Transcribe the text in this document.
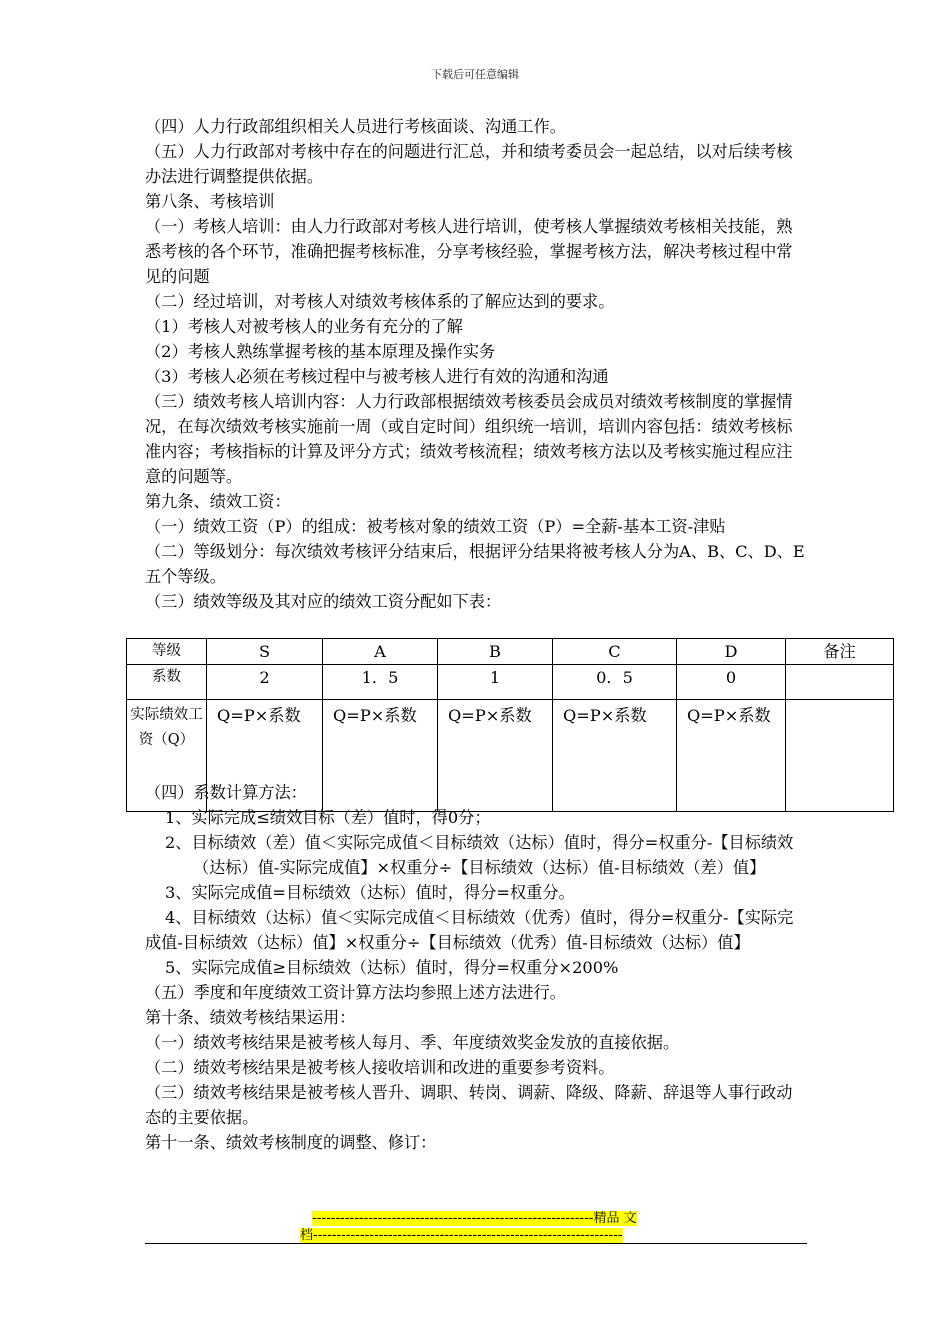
下载后可任意编辑

（四）人力行政部组织相关人员进行考核面谈、沟通工作。

（五）人力行政部对考核中存在的问题进行汇总，并和绩考委员会一起总结，以对后续考核办法进行调整提供依据。

第八条、考核培训

（一）考核人培训：由人力行政部对考核人进行培训，使考核人掌握绩效考核相关技能，熟悉考核的各个环节，准确把握考核标准，分享考核经验，掌握考核方法，解决考核过程中常见的问题

（二）经过培训，对考核人对绩效考核体系的了解应达到的要求。

（1）考核人对被考核人的业务有充分的了解

（2）考核人熟练掌握考核的基本原理及操作实务

（3）考核人必须在考核过程中与被考核人进行有效的沟通和沟通

（三）绩效考核人培训内容：人力行政部根据绩效考核委员会成员对绩效考核制度的掌握情况，在每次绩效考核实施前一周（或自定时间）组织统一培训，培训内容包括：绩效考核标准内容；考核指标的计算及评分方式；绩效考核流程；绩效考核方法以及考核实施过程应注意的问题等。

第九条、绩效工资：

（一）绩效工资（P）的组成：被考核对象的绩效工资（P）=全薪-基本工资-津贴

（二）等级划分：每次绩效考核评分结束后，根据评分结果将被考核人分为A、B、C、D、E五个等级。

（三）绩效等级及其对应的绩效工资分配如下表：

等级	S	A	B	C	D	备注
系数	2	1．5	1	0．5	0	
实际绩效工资（Q）	Q=P×系数	Q=P×系数	Q=P×系数	Q=P×系数	Q=P×系数	

（四）系数计算方法：

1、实际完成≤绩效目标（差）值时，得0分；

2、目标绩效（差）值＜实际完成值＜目标绩效（达标）值时，得分=权重分-【目标绩效（达标）值-实际完成值】×权重分÷【目标绩效（达标）值-目标绩效（差）值】

3、实际完成值=目标绩效（达标）值时，得分=权重分。

4、目标绩效（达标）值＜实际完成值＜目标绩效（优秀）值时，得分=权重分-【实际完成值-目标绩效（达标）值】×权重分÷【目标绩效（优秀）值-目标绩效（达标）值】

5、实际完成值≥目标绩效（达标）值时，得分=权重分×200%

（五）季度和年度绩效工资计算方法均参照上述方法进行。

第十条、绩效考核结果运用：

（一）绩效考核结果是被考核人每月、季、年度绩效奖金发放的直接依据。

（二）绩效考核结果是被考核人接收培训和改进的重要参考资料。

（三）绩效考核结果是被考核人晋升、调职、转岗、调薪、降级、降薪、辞退等人事行政动态的主要依据。

第十一条、绩效考核制度的调整、修订：

------------------------------------------------------------精品 文
档------------------------------------------------------------------
